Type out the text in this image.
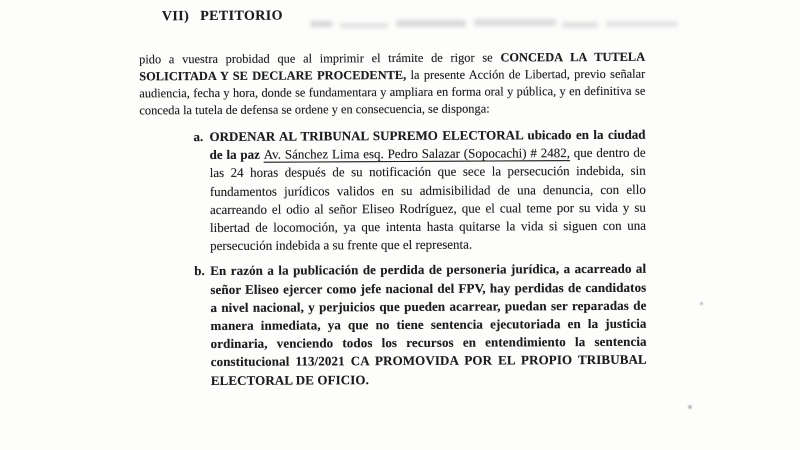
VII) PETITORIO

pido a vuestra probidad que al imprimir el trámite de rigor se CONCEDA LA TUTELA SOLICITADA Y SE DECLARE PROCEDENTE, la presente Acción de Libertad, previo señalar audiencia, fecha y hora, donde se fundamentara y ampliara en forma oral y pública, y en definitiva se conceda la tutela de defensa se ordene y en consecuencia, se disponga:

a. ORDENAR AL TRIBUNAL SUPREMO ELECTORAL ubicado en la ciudad de la paz Av. Sánchez Lima esq. Pedro Salazar (Sopocachi) # 2482, que dentro de las 24 horas después de su notificación que sece la persecución indebida, sin fundamentos jurídicos validos en su admisibilidad de una denuncia, con ello acarreando el odio al señor Eliseo Rodríguez, que el cual teme por su vida y su libertad de locomoción, ya que intenta hasta quitarse la vida si siguen con una persecución indebida a su frente que el representa.
b. En razón a la publicación de perdida de personeria jurídica, a acarreado al señor Eliseo ejercer como jefe nacional del FPV, hay perdidas de candidatos a nivel nacional, y perjuicios que pueden acarrear, puedan ser reparadas de manera inmediata, ya que no tiene sentencia ejecutoriada en la justicia ordinaria, venciendo todos los recursos en entendimiento la sentencia constitucional 113/2021 CA PROMOVIDA POR EL PROPIO TRIBUBAL ELECTORAL DE OFICIO.
